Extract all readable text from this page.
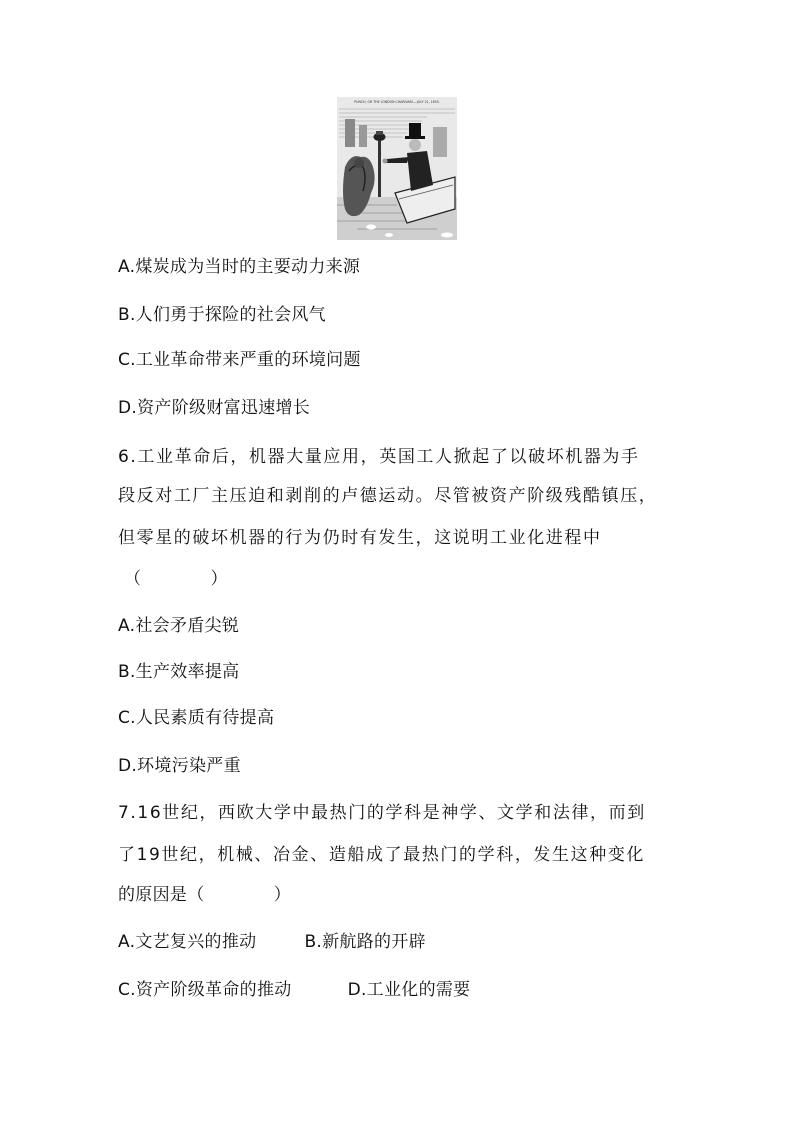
PUNCH, OR THE LONDON CHARIVARI.—JULY 21, 1855.
A.煤炭成为当时的主要动力来源
B.人们勇于探险的社会风气
C.工业革命带来严重的环境问题
D.资产阶级财富迅速增长
6.工业革命后，机器大量应用，英国工人掀起了以破坏机器为手
段反对工厂主压迫和剥削的卢德运动。尽管被资产阶级残酷镇压，
但零星的破坏机器的行为仍时有发生，这说明工业化进程中
（　　　　）
A.社会矛盾尖锐
B.生产效率提高
C.人民素质有待提高
D.环境污染严重
7.16世纪，西欧大学中最热门的学科是神学、文学和法律，而到
了19世纪，机械、冶金、造船成了最热门的学科，发生这种变化
的原因是（　　　　）
A.文艺复兴的推动	B.新航路的开辟
C.资产阶级革命的推动	D.工业化的需要
